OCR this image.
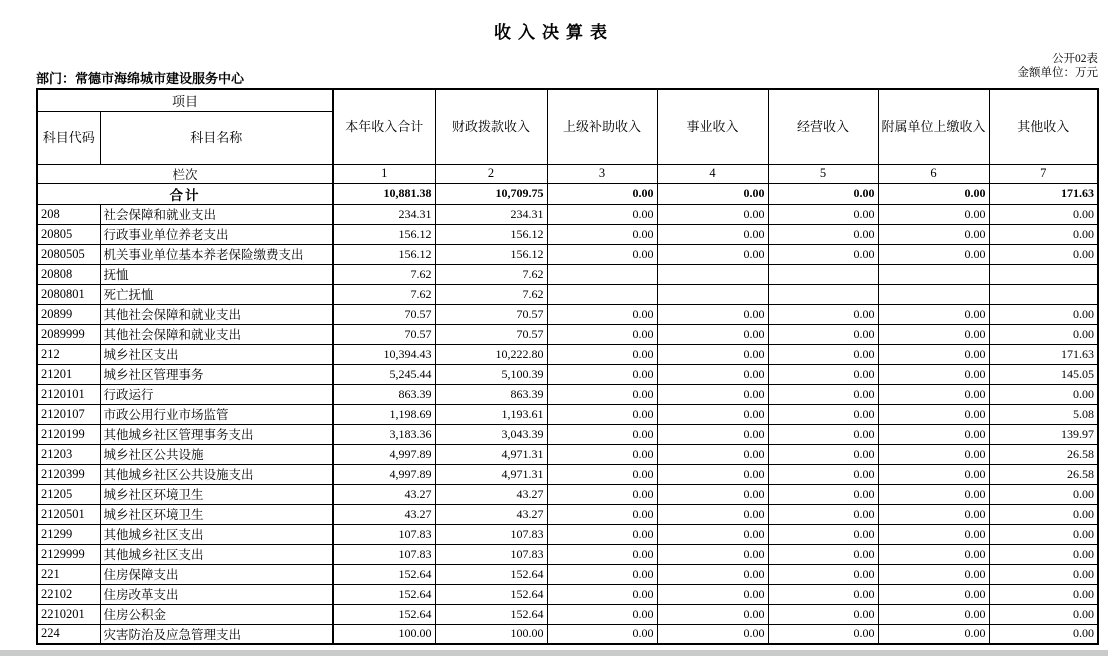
收入决算表
公开02表
金额单位：万元
部门：常德市海绵城市建设服务中心
项目		本年收入合计	财政拨款收入	上级补助收入	事业收入	经营收入	附属单位上缴收入	其他收入
科目代码	科目名称							
栏次		1	2	3	4	5	6	7
合计		10,881.38	10,709.75	0.00	0.00	0.00	0.00	171.63
208	社会保障和就业支出	234.31	234.31	0.00	0.00	0.00	0.00	0.00
20805	行政事业单位养老支出	156.12	156.12	0.00	0.00	0.00	0.00	0.00
2080505	机关事业单位基本养老保险缴费支出	156.12	156.12	0.00	0.00	0.00	0.00	0.00
20808	抚恤	7.62	7.62					
2080801	死亡抚恤	7.62	7.62					
20899	其他社会保障和就业支出	70.57	70.57	0.00	0.00	0.00	0.00	0.00
2089999	其他社会保障和就业支出	70.57	70.57	0.00	0.00	0.00	0.00	0.00
212	城乡社区支出	10,394.43	10,222.80	0.00	0.00	0.00	0.00	171.63
21201	城乡社区管理事务	5,245.44	5,100.39	0.00	0.00	0.00	0.00	145.05
2120101	行政运行	863.39	863.39	0.00	0.00	0.00	0.00	0.00
2120107	市政公用行业市场监管	1,198.69	1,193.61	0.00	0.00	0.00	0.00	5.08
2120199	其他城乡社区管理事务支出	3,183.36	3,043.39	0.00	0.00	0.00	0.00	139.97
21203	城乡社区公共设施	4,997.89	4,971.31	0.00	0.00	0.00	0.00	26.58
2120399	其他城乡社区公共设施支出	4,997.89	4,971.31	0.00	0.00	0.00	0.00	26.58
21205	城乡社区环境卫生	43.27	43.27	0.00	0.00	0.00	0.00	0.00
2120501	城乡社区环境卫生	43.27	43.27	0.00	0.00	0.00	0.00	0.00
21299	其他城乡社区支出	107.83	107.83	0.00	0.00	0.00	0.00	0.00
2129999	其他城乡社区支出	107.83	107.83	0.00	0.00	0.00	0.00	0.00
221	住房保障支出	152.64	152.64	0.00	0.00	0.00	0.00	0.00
22102	住房改革支出	152.64	152.64	0.00	0.00	0.00	0.00	0.00
2210201	住房公积金	152.64	152.64	0.00	0.00	0.00	0.00	0.00
224	灾害防治及应急管理支出	100.00	100.00	0.00	0.00	0.00	0.00	0.00
